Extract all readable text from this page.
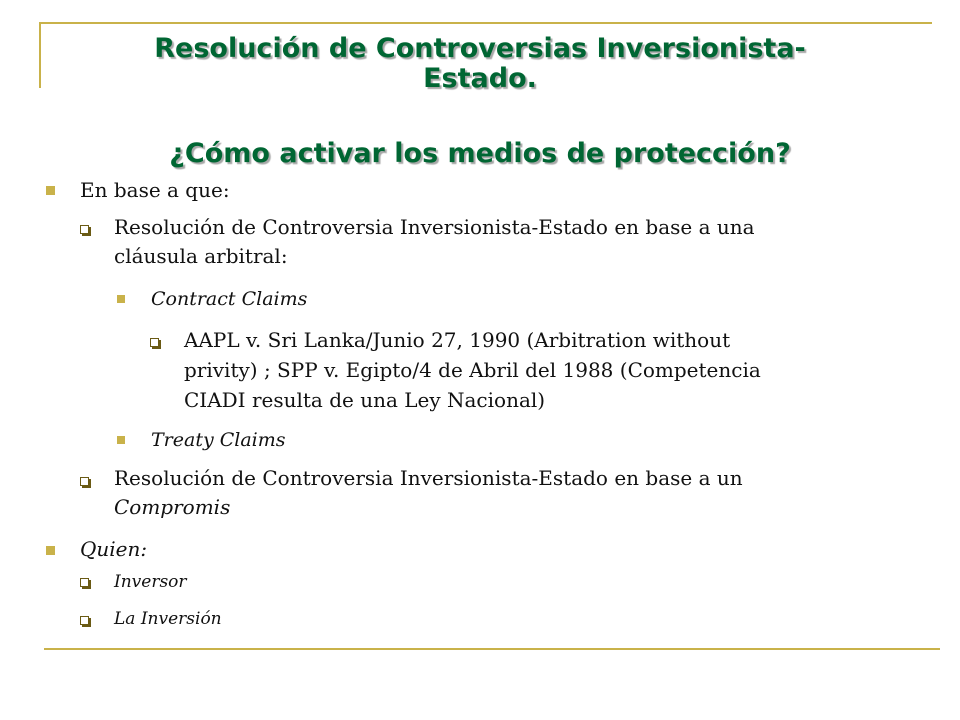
Resolución de Controversias Inversionista-
Estado.
¿Cómo activar los medios de protección?
En base a que:
Resolución de Controversia Inversionista-Estado en base a una
cláusula arbitral:
Contract Claims
AAPL v. Sri Lanka/Junio 27, 1990 (Arbitration without
privity) ; SPP v. Egipto/4 de Abril del 1988 (Competencia
CIADI resulta de una Ley Nacional)
Treaty Claims
Resolución de Controversia Inversionista-Estado en base a un
Compromis
Quien:
Inversor
La Inversión
